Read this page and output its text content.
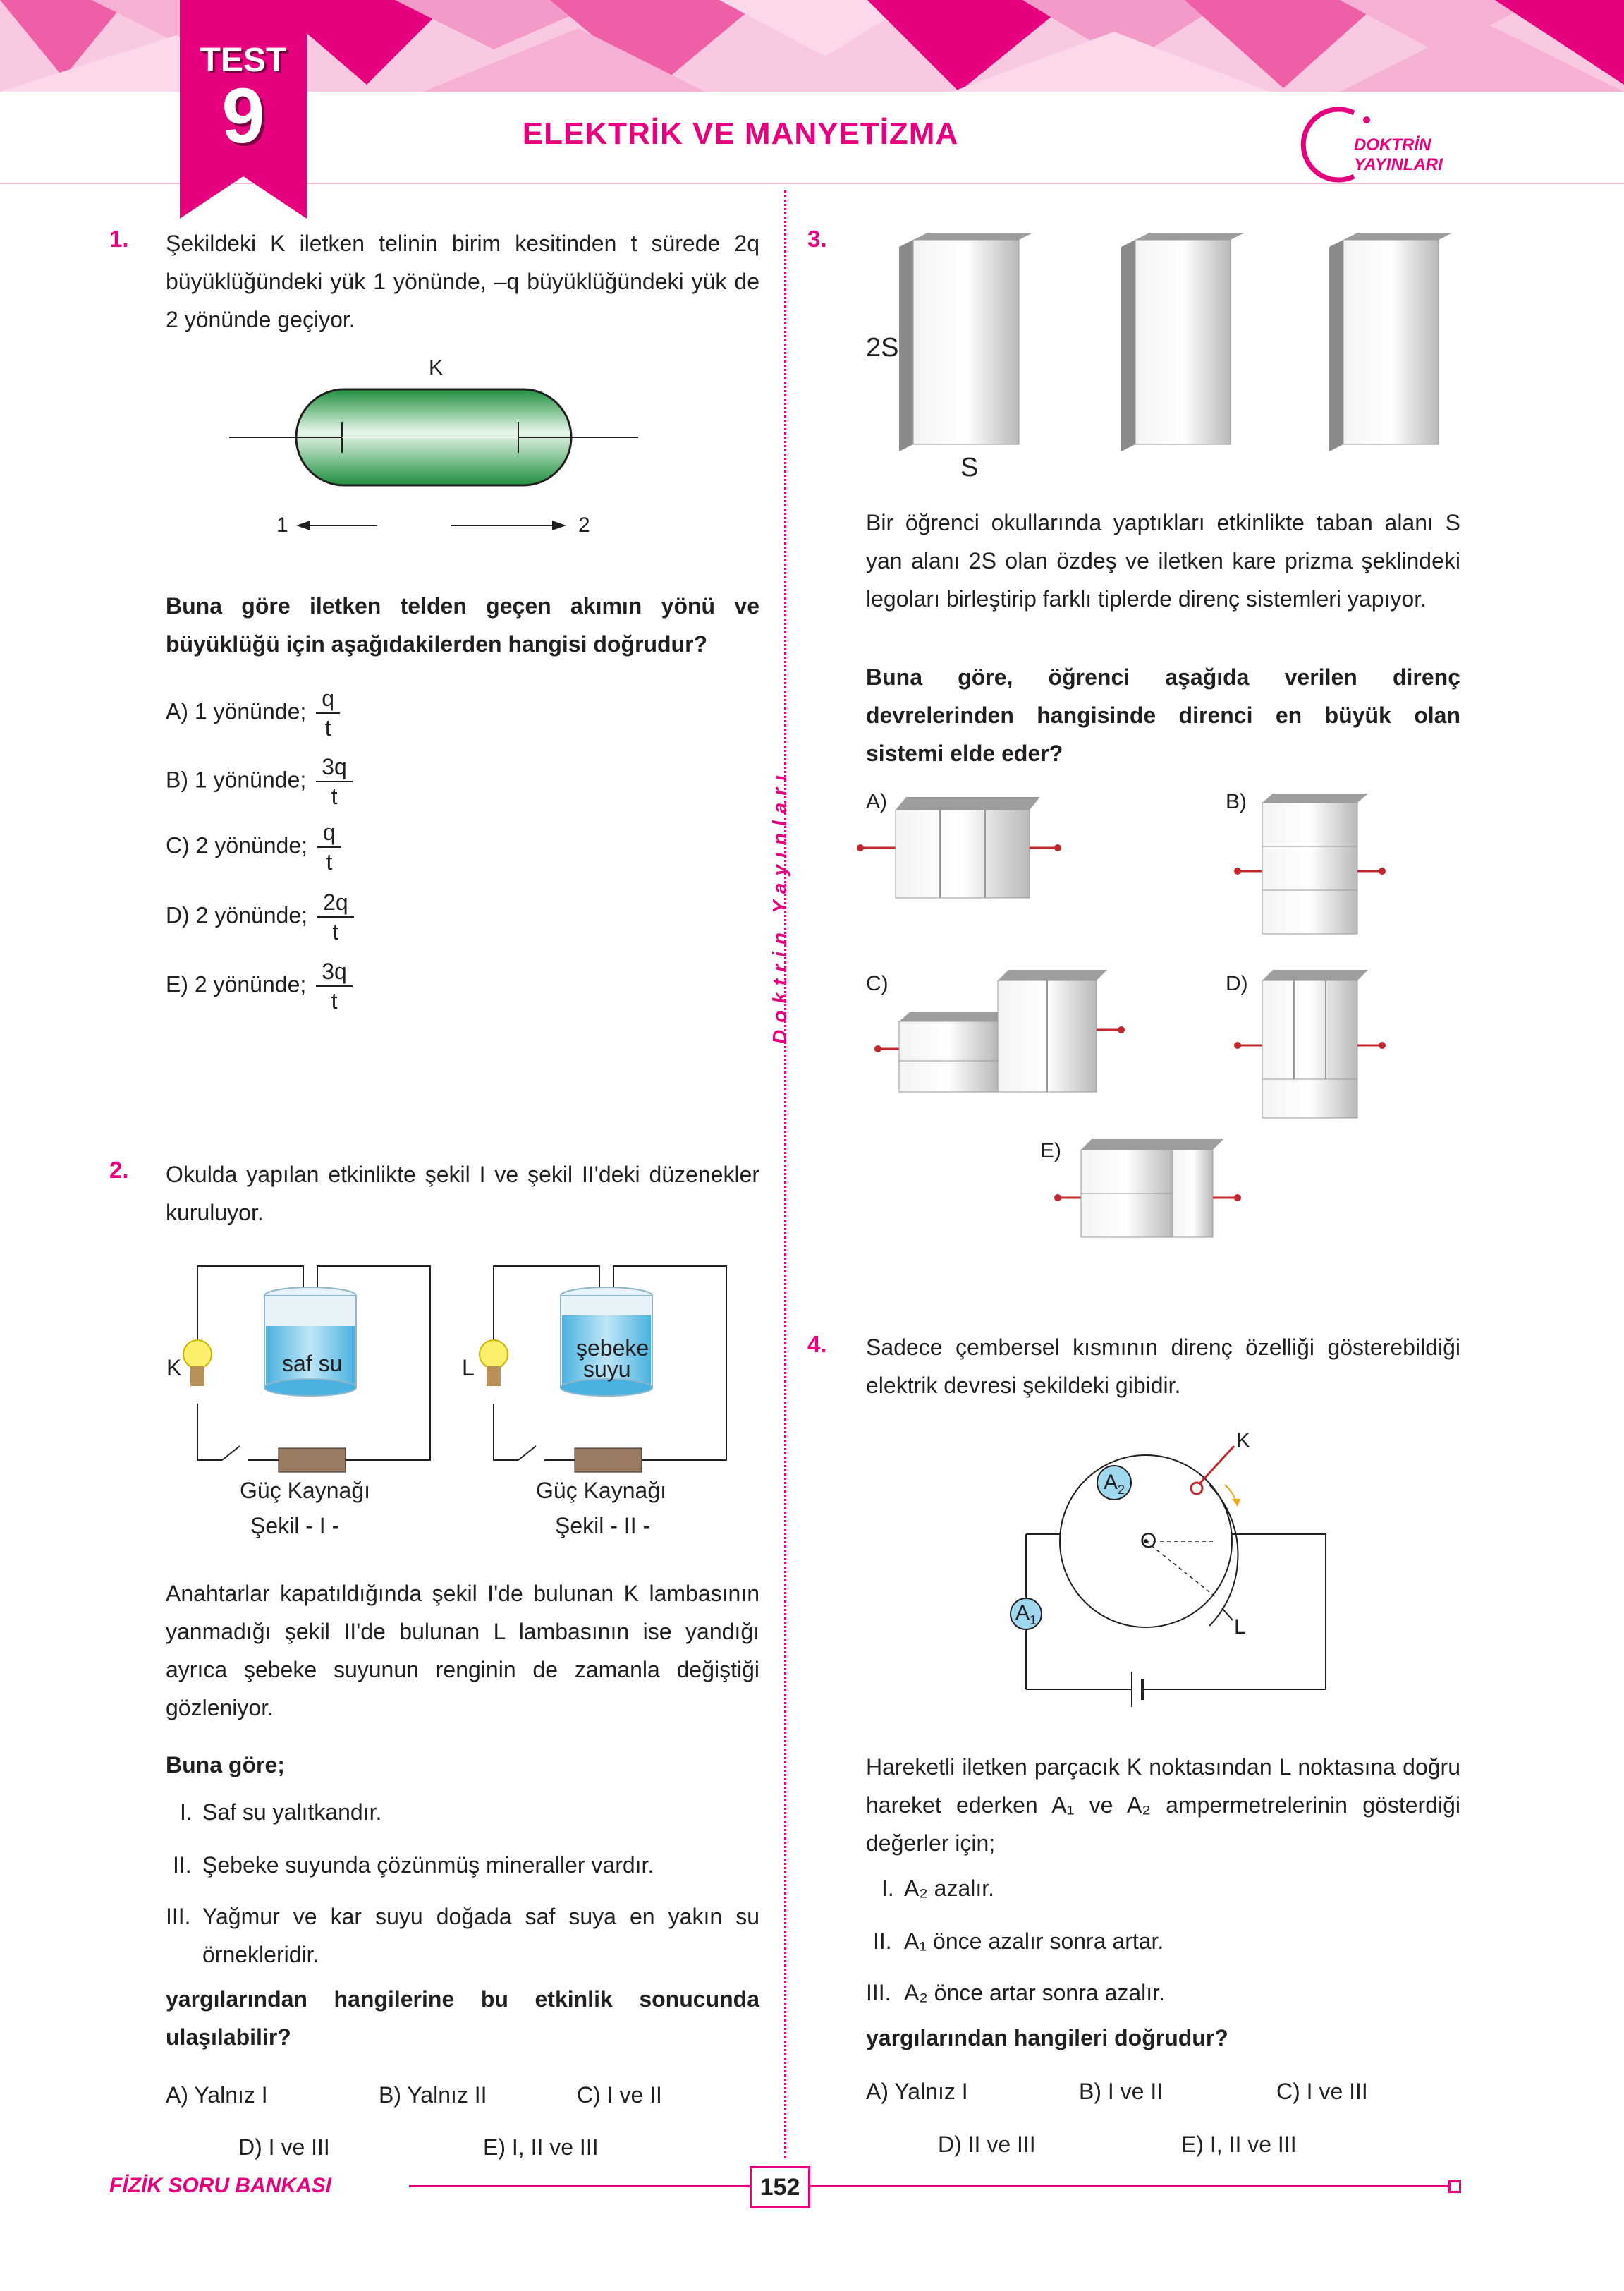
TEST
9	ELEKTRİK VE MANYETİZMA	DOKTRİN YAYINLARI
Doktrin Yayınları
1. Şekildeki K iletken telinin birim kesitinden t sürede 2q büyüklüğündeki yük 1 yönünde, –q büyüklüğündeki yük de 2 yönünde geçiyor.
K
1	2
Buna göre iletken telden geçen akımın yönü ve büyüklüğü için aşağıdakilerden hangisi doğrudur?
A) 1 yönünde; $\frac{q}{t}$
B) 1 yönünde; $\frac{3q}{t}$
C) 2 yönünde; $\frac{q}{t}$
D) 2 yönünde; $\frac{2q}{t}$
E) 2 yönünde; $\frac{3q}{t}$
2. Okulda yapılan etkinlikte şekil I ve şekil II'deki düzenekler kuruluyor.
K	saf su
Güç Kaynağı
Şekil - I -
L
şebeke
suyu
Güç Kaynağı
Şekil - II -
Anahtarlar kapatıldığında şekil I'de bulunan K lambasının yanmadığı şekil II'de bulunan L lambasının ise yandığı ayrıca şebeke suyunun renginin de zamanla değiştiği gözleniyor.
Buna göre;
I. Saf su yalıtkandır.
II. Şebeke suyunda çözünmüş mineraller vardır.
III. Yağmur ve kar suyu doğada saf suya en yakın su örnekleridir.
yargılarından hangilerine bu etkinlik sonucunda ulaşılabilir?
A) Yalnız I	B) Yalnız II	C) I ve II
D) I ve III	E) I, II ve III
3.
2S
S
Bir öğrenci okullarında yaptıkları etkinlikte taban alanı S yan alanı 2S olan özdeş ve iletken kare prizma şeklindeki legoları birleştirip farklı tiplerde direnç sistemleri yapıyor.
Buna göre, öğrenci aşağıda verilen direnç devrelerinden hangisinde direnci en büyük olan sistemi elde eder?
A)	B)
C)	D)
E)
4. Sadece çembersel kısmının direnç özelliği gösterebildiği elektrik devresi şekildeki gibidir.
K
L
O
$A_2$
$A_1$
Hareketli iletken parçacık K noktasından L noktasına doğru hareket ederken A₁ ve A₂ ampermetrelerinin gösterdiği değerler için;
I. A₂ azalır.
II. A₁ önce azalır sonra artar.
III. A₂ önce artar sonra azalır.
yargılarından hangileri doğrudur?
A) Yalnız I	B) I ve II	C) I ve III
D) II ve III	E) I, II ve III
FİZİK SORU BANKASI	152
